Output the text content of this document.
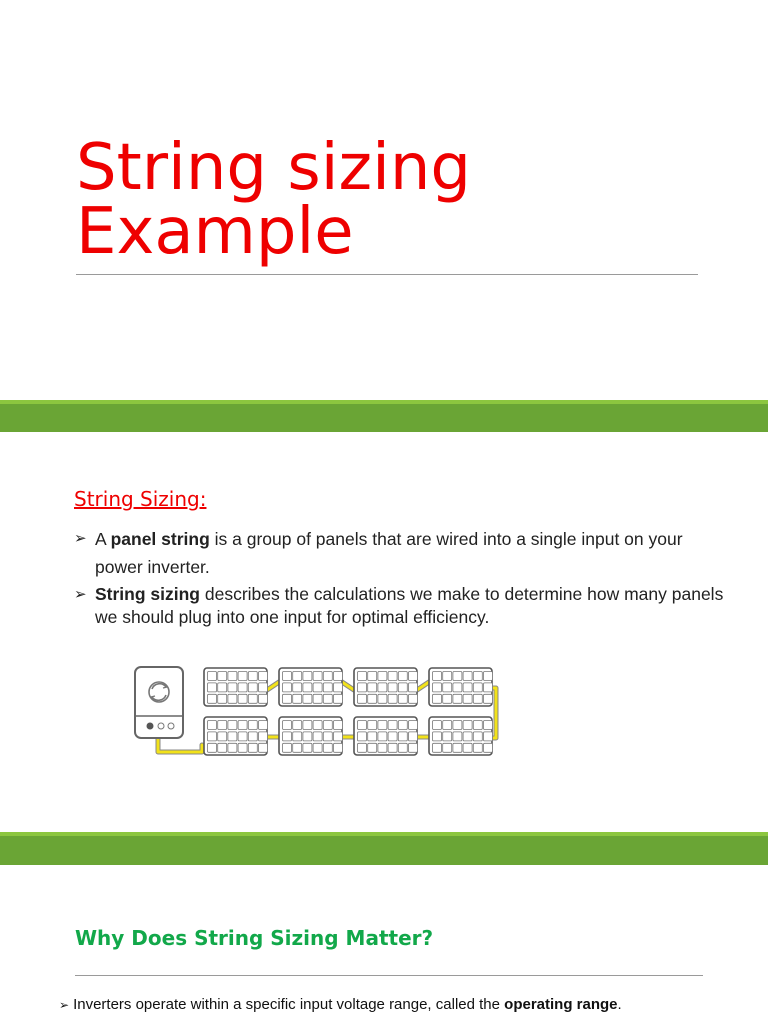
String sizing
Example
String Sizing:
➢ A panel string is a group of panels that are wired into a single input on your power inverter.
➢ String sizing describes the calculations we make to determine how many panels we should plug into one input for optimal efficiency.
Why Does String Sizing Matter?

➢ Inverters operate within a specific input voltage range, called the operating range.
